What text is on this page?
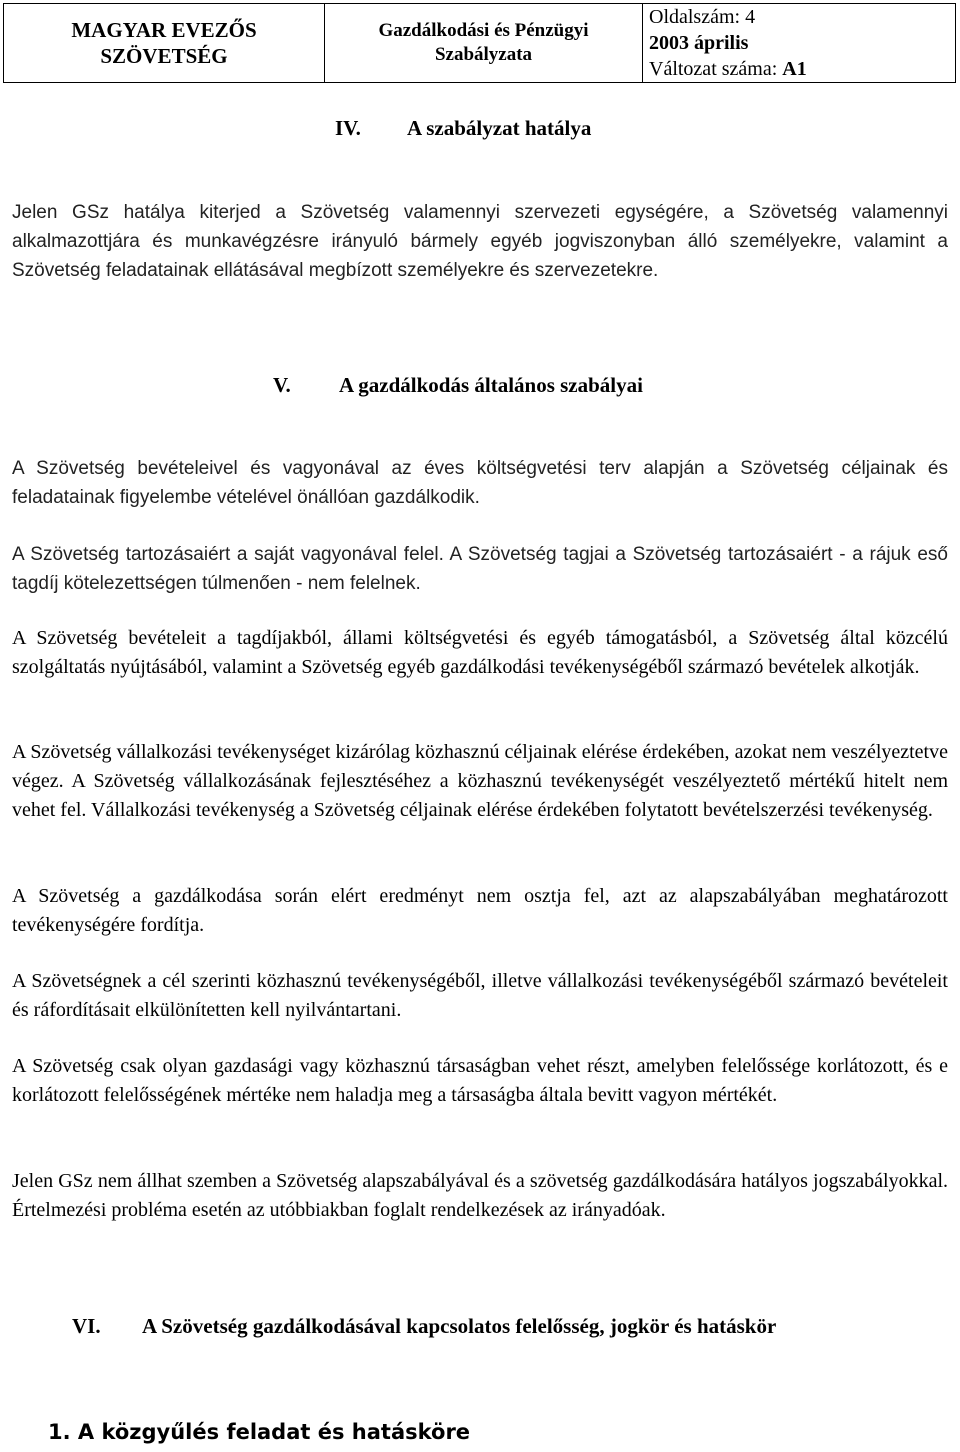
MAGYAR EVEZŐS
SZÖVETSÉG

Gazdálkodási és Pénzügyi
Szabályzata

Oldalszám: 4
2003 április
Változat száma: A1
IV. A szabályzat hatálya

Jelen GSz hatálya kiterjed a Szövetség valamennyi szervezeti egységére, a Szövetség valamennyi alkalmazottjára és munkavégzésre irányuló bármely egyéb jogviszonyban álló személyekre, valamint a Szövetség feladatainak ellátásával megbízott személyekre és szervezetekre.

V. A gazdálkodás általános szabályai

A Szövetség bevételeivel és vagyonával az éves költségvetési terv alapján a Szövetség céljainak és feladatainak figyelembe vételével önállóan gazdálkodik.

A Szövetség tartozásaiért a saját vagyonával felel. A Szövetség tagjai a Szövetség tartozásaiért - a rájuk eső tagdíj kötelezettségen túlmenően - nem felelnek.

A Szövetség bevételeit a tagdíjakból, állami költségvetési és egyéb támogatásból, a Szövetség által közcélú szolgáltatás nyújtásából, valamint a Szövetség egyéb gazdálkodási tevékenységéből származó bevételek alkotják.

A Szövetség vállalkozási tevékenységet kizárólag közhasznú céljainak elérése érdekében, azokat nem veszélyeztetve végez. A Szövetség vállalkozásának fejlesztéséhez a közhasznú tevékenységét veszélyeztető mértékű hitelt nem vehet fel. Vállalkozási tevékenység a Szövetség céljainak elérése érdekében folytatott bevételszerzési tevékenység.

A Szövetség a gazdálkodása során elért eredményt nem osztja fel, azt az alapszabályában meghatározott tevékenységére fordítja.

A Szövetségnek a cél szerinti közhasznú tevékenységéből, illetve vállalkozási tevékenységéből származó bevételeit és ráfordításait elkülönítetten kell nyilvántartani.

A Szövetség csak olyan gazdasági vagy közhasznú társaságban vehet részt, amelyben felelőssége korlátozott, és e korlátozott felelősségének mértéke nem haladja meg a társaságba általa bevitt vagyon mértékét.

Jelen GSz nem állhat szemben a Szövetség alapszabályával és a szövetség gazdálkodására hatályos jogszabályokkal. Értelmezési probléma esetén az utóbbiakban foglalt rendelkezések az irányadóak.

VI. A Szövetség gazdálkodásával kapcsolatos felelősség, jogkör és hatáskör
1. A közgyűlés feladat és hatásköre
